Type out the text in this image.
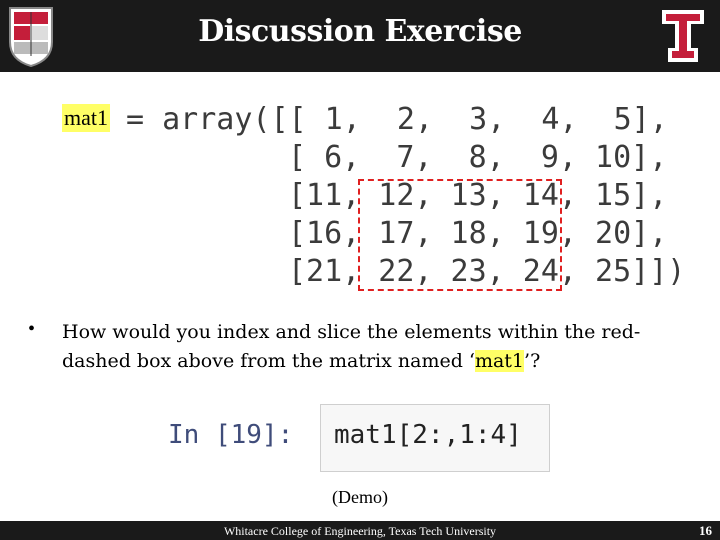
Discussion Exercise
mat1 = array([[ 1,  2,  3,  4,  5],
[ 6,  7,  8,  9, 10],
[11, 12, 13, 14, 15],
[16, 17, 18, 19, 20],
[21, 22, 23, 24, 25]])
• How would you index and slice the elements within the red-dashed box above from the matrix named ‘mat1’?
In [19]: mat1[2:,1:4]
(Demo)
Whitacre College of Engineering, Texas Tech University	16
